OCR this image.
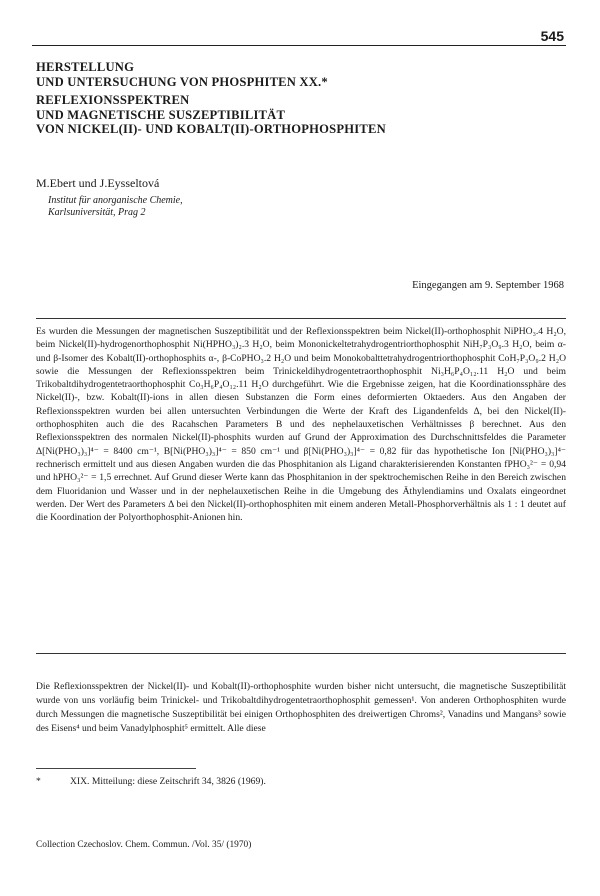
545
HERSTELLUNG
UND UNTERSUCHUNG VON PHOSPHITEN XX.*
REFLEXIONSSPEKTREN
UND MAGNETISCHE SUSZEPTIBILITÄT
VON NICKEL(II)- UND KOBALT(II)-ORTHOPHOSPHITEN
M.Ebert und J.Eysseltová
Institut für anorganische Chemie,
Karlsuniversität, Prag 2
Eingegangen am 9. September 1968

Es wurden die Messungen der magnetischen Suszeptibilität und der Reflexionsspektren beim Nickel(II)-orthophosphit NiPHO₃.4 H₂O, beim Nickel(II)-hydrogenorthophosphit Ni(HPHO₃)₂.3 H₂O, beim Mononickeltetrahydrogentriorthophosphit NiH₇P₃O₉.3 H₂O, beim α- und β-Isomer des Kobalt(II)-orthophosphits α-, β-CoPHO₃.2 H₂O und beim Monokobalttetrahydrogentriorthophosphit CoH₇P₃O₉.2 H₂O sowie die Messungen der Reflexionsspektren beim Trinickeldihydrogentetraorthophosphit Ni₃H₆P₄O₁₂.11 H₂O und beim Trikobaltdihydrogentetraorthophosphit Co₃H₆P₄O₁₂.11 H₂O durchgeführt. Wie die Ergebnisse zeigen, hat die Koordinationssphäre des Nickel(II)-, bzw. Kobalt(II)-ions in allen diesen Substanzen die Form eines deformierten Oktaeders. Aus den Angaben der Reflexionsspektren wurden bei allen untersuchten Verbindungen die Werte der Kraft des Ligandenfelds Δ, bei den Nickel(II)-orthophosphiten auch die des Racahschen Parameters B und des nephelauxetischen Verhältnisses β berechnet. Aus den Reflexionsspektren des normalen Nickel(II)-phosphits wurden auf Grund der Approximation des Durchschnittsfeldes die Parameter Δ[Ni(PHO₃)₃]⁴⁻ = 8400 cm⁻¹, B[Ni(PHO₃)₃]⁴⁻ = 850 cm⁻¹ und β[Ni(PHO₃)₃]⁴⁻ = 0,82 für das hypothetische Ion [Ni(PHO₃)₃]⁴⁻ rechnerisch ermittelt und aus diesen Angaben wurden die das Phosphitanion als Ligand charakterisierenden Konstanten fPHO₃²⁻ = 0,94 und hPHO₃²⁻ = 1,5 errechnet. Auf Grund dieser Werte kann das Phosphitanion in der spektrochemischen Reihe in den Bereich zwischen dem Fluoridanion und Wasser und in der nephelauxetischen Reihe in die Umgebung des Äthylendiamins und Oxalats eingeordnet werden. Der Wert des Parameters Δ bei den Nickel(II)-orthophosphiten mit einem anderen Metall-Phosphorverhältnis als 1 : 1 deutet auf die Koordination der Polyorthophosphit-Anionen hin.

Die Reflexionsspektren der Nickel(II)- und Kobalt(II)-orthophosphite wurden bisher nicht untersucht, die magnetische Suszeptibilität wurde von uns vorläufig beim Trinickel- und Trikobaltdihydrogentetraorthophosphit gemessen¹. Von anderen Orthophosphiten wurde durch Messungen die magnetische Suszeptibilität bei einigen Orthophosphiten des dreiwertigen Chroms², Vanadins und Mangans³ sowie des Eisens⁴ und beim Vanadylphosphit⁵ ermittelt. Alle diese

*	XIX. Mitteilung: diese Zeitschrift 34, 3826 (1969).
Collection Czechoslov. Chem. Commun. /Vol. 35/ (1970)
